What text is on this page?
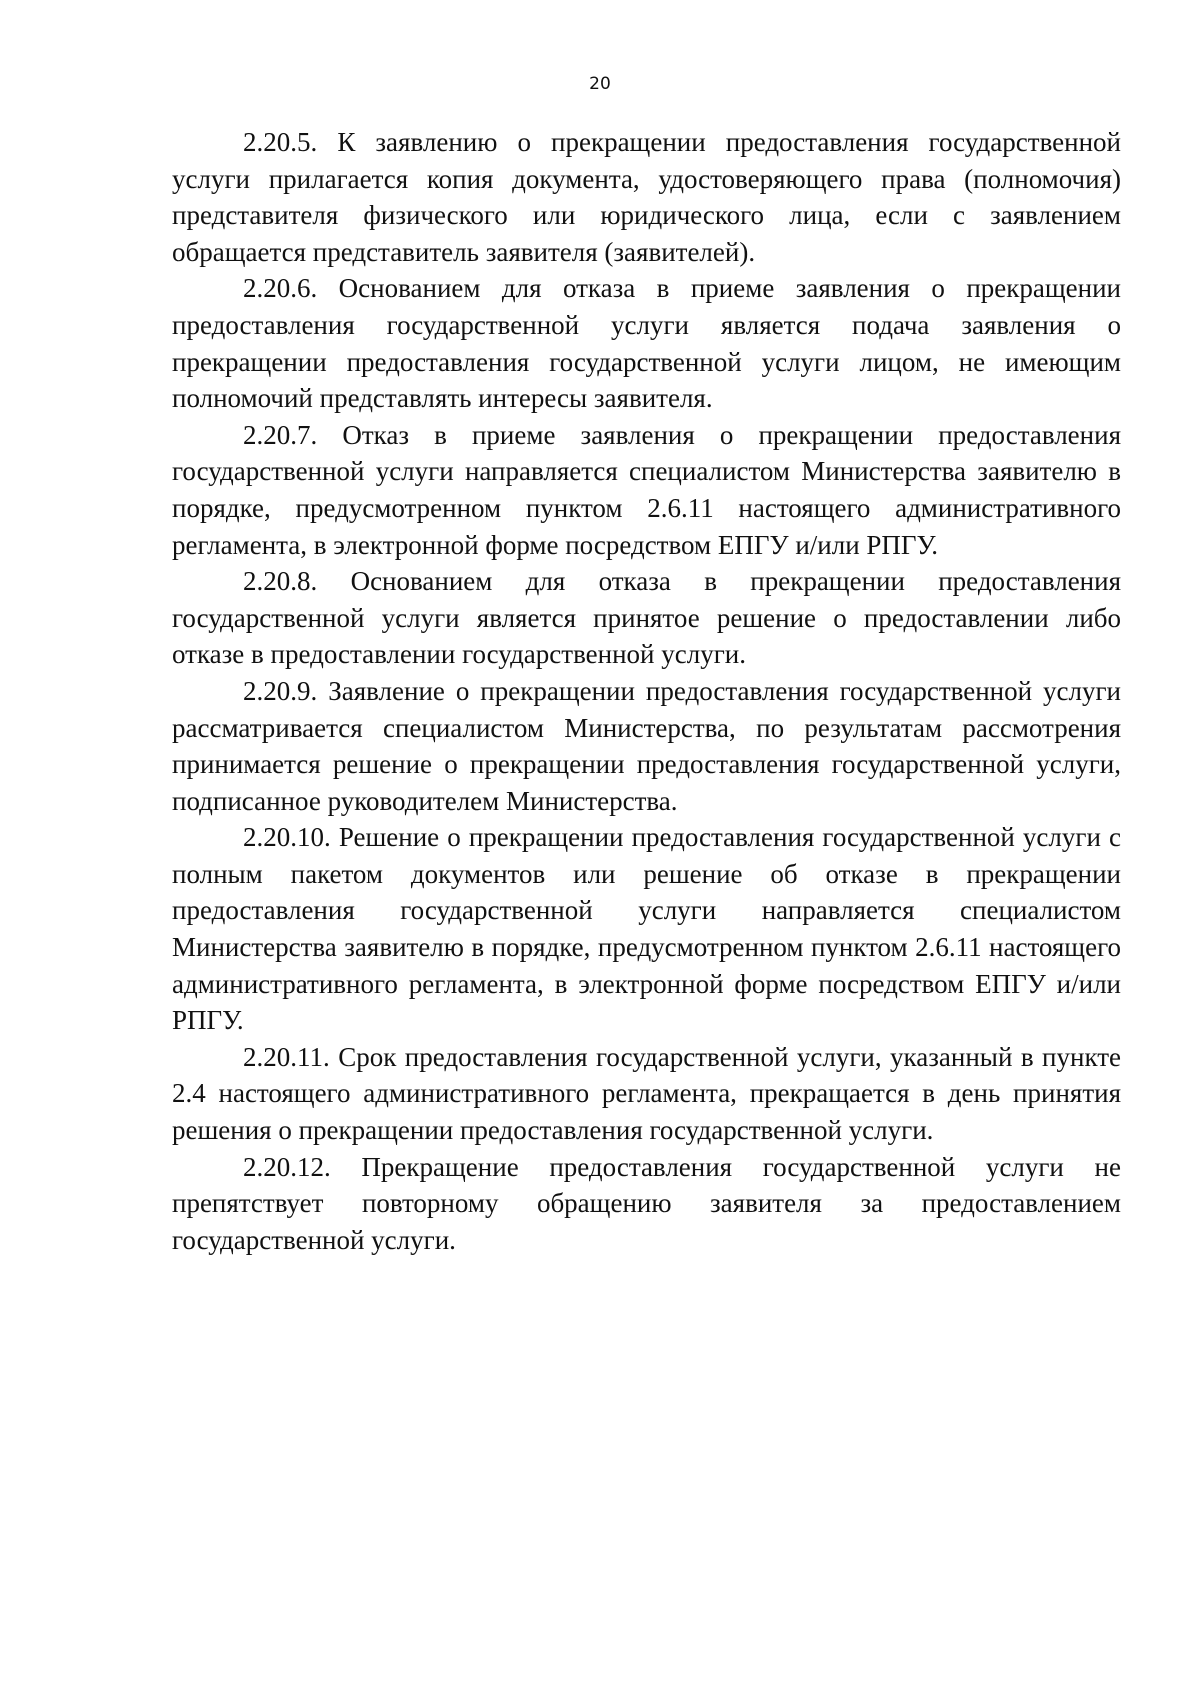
20

2.20.5. К заявлению о прекращении предоставления государственной услуги прилагается копия документа, удостоверяющего права (полномочия) представителя физического или юридического лица, если с заявлением обращается представитель заявителя (заявителей).

2.20.6. Основанием для отказа в приеме заявления о прекращении предоставления государственной услуги является подача заявления о прекращении предоставления государственной услуги лицом, не имеющим полномочий представлять интересы заявителя.

2.20.7. Отказ в приеме заявления о прекращении предоставления государственной услуги направляется специалистом Министерства заявителю в порядке, предусмотренном пунктом 2.6.11 настоящего административного регламента, в электронной форме посредством ЕПГУ и/или РПГУ.

2.20.8. Основанием для отказа в прекращении предоставления государственной услуги является принятое решение о предоставлении либо отказе в предоставлении государственной услуги.

2.20.9. Заявление о прекращении предоставления государственной услуги рассматривается специалистом Министерства, по результатам рассмотрения принимается решение о прекращении предоставления государственной услуги, подписанное руководителем Министерства.

2.20.10. Решение о прекращении предоставления государственной услуги с полным пакетом документов или решение об отказе в прекращении предоставления государственной услуги направляется специалистом Министерства заявителю в порядке, предусмотренном пунктом 2.6.11 настоящего административного регламента, в электронной форме посредством ЕПГУ и/или РПГУ.

2.20.11. Срок предоставления государственной услуги, указанный в пункте 2.4 настоящего административного регламента, прекращается в день принятия решения о прекращении предоставления государственной услуги.

2.20.12. Прекращение предоставления государственной услуги не препятствует повторному обращению заявителя за предоставлением государственной услуги.
